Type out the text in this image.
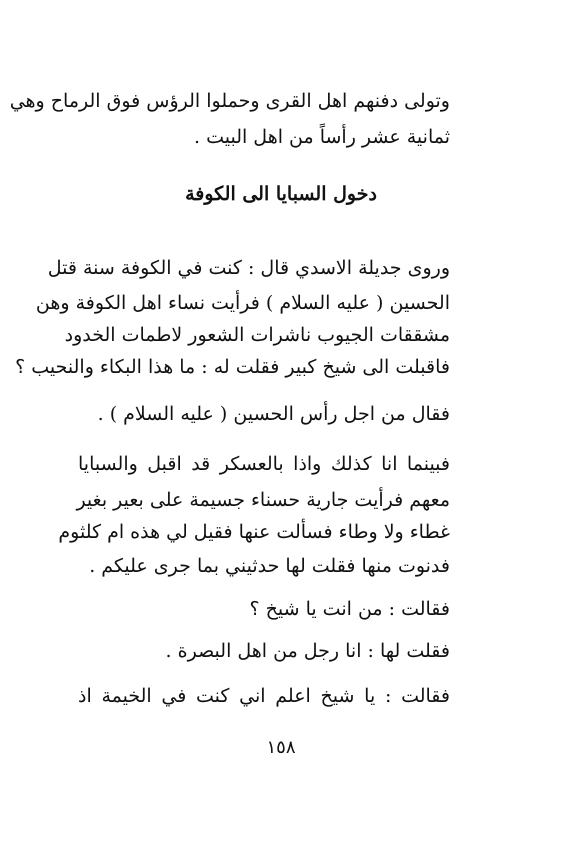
وتولى دفنهم اهل القرى وحملوا الرؤس فوق الرماح وهي
ثمانية عشر رأساً من اهل البيت .
دخول السبايا الى الكوفة
وروى جديلة الاسدي قال : كنت في الكوفة سنة قتل
الحسين ( عليه السلام ) فرأيت نساء اهل الكوفة وهن
مشققات الجيوب ناشرات الشعور لاطمات الخدود
فاقبلت الى شيخ كبير فقلت له : ما هذا البكاء والنحيب ؟
فقال من اجل رأس الحسين ( عليه السلام ) .
فبينما انا كذلك واذا بالعسكر قد اقبل والسبايا
معهم فرأيت جارية حسناء جسيمة على بعير بغير
غطاء ولا وطاء فسألت عنها فقيل لي هذه ام كلثوم
فدنوت منها فقلت لها حدثيني بما جرى عليكم .
فقالت : من انت يا شيخ ؟
فقلت لها : انا رجل من اهل البصرة .
فقالت : يا شيخ اعلم اني كنت في الخيمة اذ
١٥٨
